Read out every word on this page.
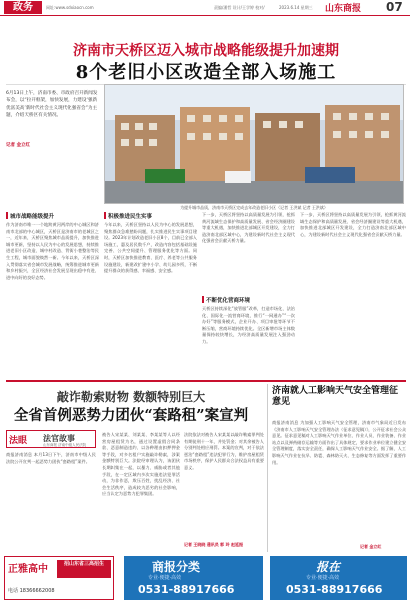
政务	网址:www.sdxiaocn.com	责编/潘哲 设计/王学婷 校对/	2023.6.14 星期三 山东商报 07
济南市天桥区迈入城市战略能级提升加速期
8个老旧小区改造全部入场施工
6月13日上午，济南市委、市政府召开新闻发布会，以“拉开框架，加快发展，力建设‘强新优富美高’新时代社会主义现代化强省会”为主题，介绍天桥区有关情况。
记者 金立红
为提升城市品质，济南市天桥区完成去年改造老旧小区（记者 王洪斌 记者 王洪斌）
城市战略能级提升
作为济南市唯一一个地跨黄河两岸的中心城区和济南市北部的中心城区，天桥区是济南市的老城区之一，近年来，天桥区聚焦城市品质提升，加快推进城市更新，坚持以人民为中心的发展思想，持续推进老旧小区改造、城中村改造、背街小巷整治等民生工程，城市面貌焕然一新。今年以来，天桥区深入贯彻落实省会城市发展战略，统筹推进城市更新和乡村振兴，全区经济社会发展呈现出稳中有进、进中向好的良好态势。
积极推进民生实事
今年以来，天桥区坚持以人民为中心的发展思想，聚焦群众急难愁盼问题，扎实推进民生实事项目建设。2023年计划改造老旧小区8个，目前已全部入场施工，惠及居民数千户，改造内容包括基础设施完善、公共空间提升、管理服务优化等方面。同时，天桥区加快推进教育、医疗、养老等公共服务设施建设，新建改扩建中小学、幼儿园多所，不断提升群众的获得感、幸福感、安全感。
下一步，天桥区将坚持以高质量发展为引领，抢抓黄河流域生态保护和高质量发展、省会经济圈建设等重大机遇，加快推进北部城区开发建设，全力打造济南北部区域中心，为建设新时代社会主义现代化强省会贡献天桥力量。
不断优化营商环境
天桥区持续深化“放管服”改革，打造市场化、法治化、国际化一流营商环境，推行“一网通办”“一次办好”等服务模式，企业开办、项目审批等环节不断压缩，营商环境持续优化。全区新增市场主体数量保持较快增长，为经济高质量发展注入强劲动力。
下一步，天桥区将坚持以高质量发展为引领，抢抓黄河流域生态保护和高质量发展、省会经济圈建设等重大机遇，加快推进北部城区开发建设，全力打造济南北部区域中心，为建设新时代社会主义现代化强省会贡献天桥力量。
敲诈勒索财物 数额特别巨大
全省首例恶势力团伙“套路租”案宣判
法眼 法官故事
山东商报 济南中级人民法院
商报济南消息 本月13日下午，济南市中级人民法院公开宣判一起恶势力团伙“套路租”案件。
被告人宋某某、刘某某、李某某等人以经营房屋租赁为名，通过设置虚假合同条款、恶意制造违约、以各种理由扣押押金等手段，对多名租户实施敲诈勒索，涉案金额特别巨大。法院经审理认为，该团伙长期纠集在一起，以暴力、威胁或者其他手段，在一定区域内多次实施违法犯罪活动，为非作恶，欺压百姓，扰乱经济、社会生活秩序，造成较为恶劣的社会影响，应当认定为恶势力犯罪集团。
法院依法对被告人宋某某以敲诈勒索罪判处有期徒刑十一年，并处罚金；对其余被告人分别判处相应刑罚。本案的宣判，对于依法惩治“套路租”违法犯罪行为，维护房屋租赁市场秩序，保护人民群众合法权益具有重要意义。
记者 王晓晓 通讯员 郭 玲 赵延振
济南就人工影响天气安全管理征意见
商报济南消息 为加强人工影响天气安全管理，济南市气象局近日发布《济南市人工影响天气安全管理办法（征求意见稿）》，公开征求社会公众意见。征求意见稿对人工影响天气作业单位、作业人员、作业装备、作业站点以及弹药储存运输等方面作出了具体规定，要求作业单位建立健全安全管理制度，落实安全责任，确保人工影响天气作业安全。据了解，人工影响天气作业在抗旱、防雹、森林防灭火、生态修复等方面发挥了重要作用。
记者 金立红
正雅高中	招山东省三高招生
电话 18366662008
商报分类
专业·便捷·高效
0531-88917666
报在
专业·便捷·高效
0531-88917666
